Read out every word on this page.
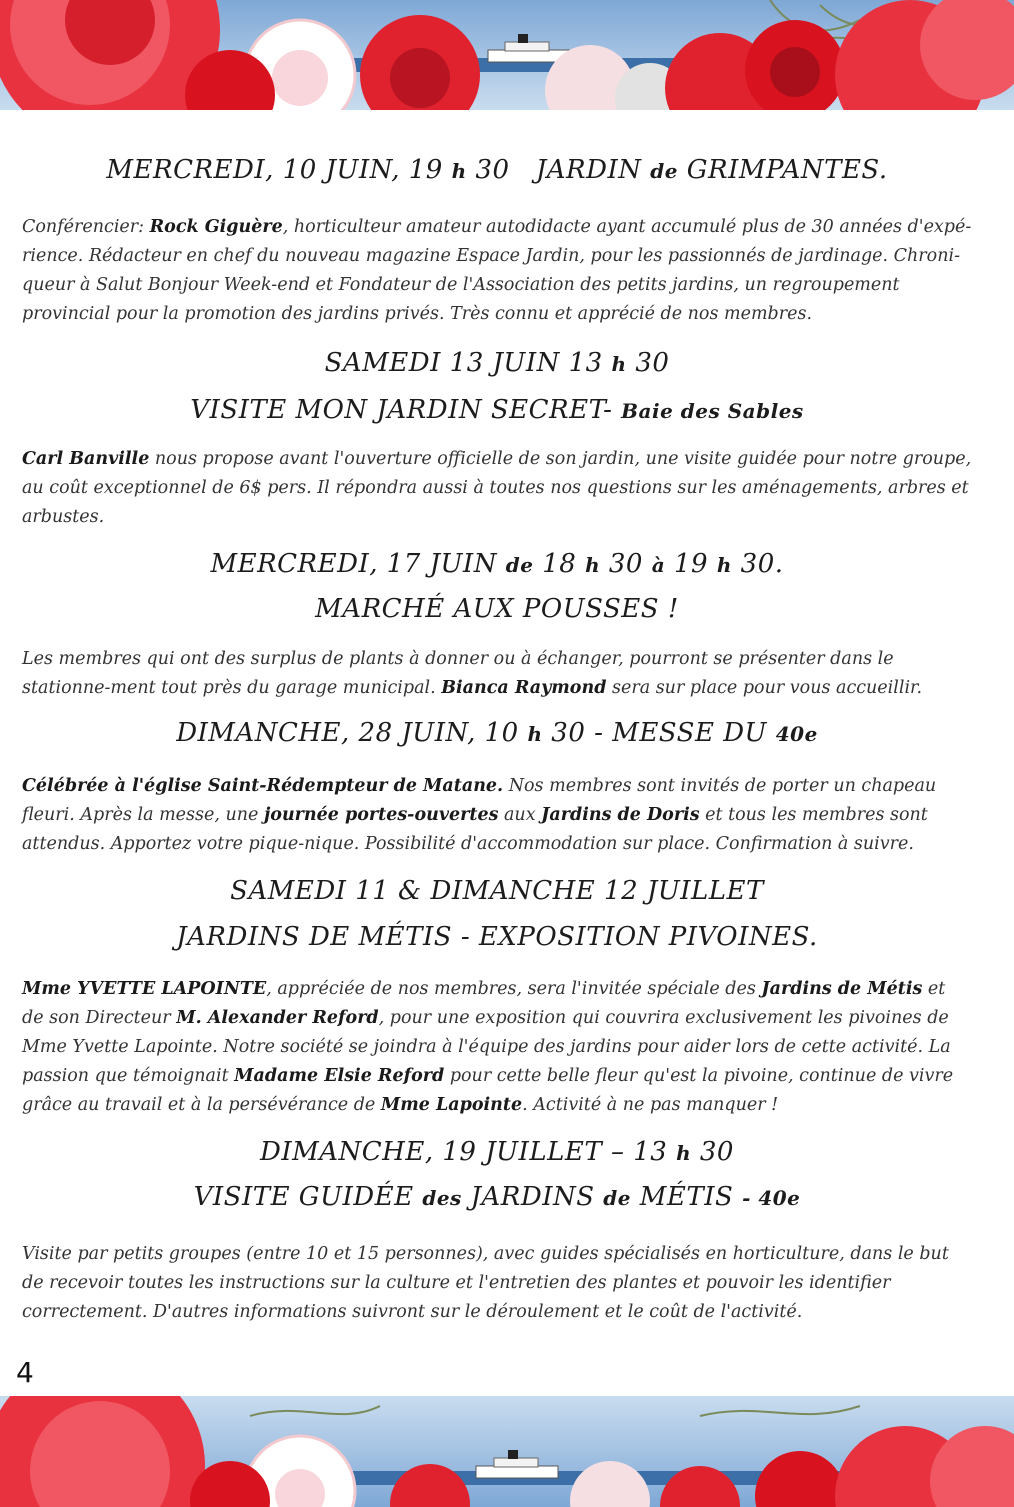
MERCREDI, 10 JUIN, 19 h 30 JARDIN de GRIMPANTES.

Conférencier: Rock Giguère, horticulteur amateur autodidacte ayant accumulé plus de 30 années d'expé-rience. Rédacteur en chef du nouveau magazine Espace Jardin, pour les passionnés de jardinage. Chroni-queur à Salut Bonjour Week-end et Fondateur de l'Association des petits jardins, un regroupement provincial pour la promotion des jardins privés. Très connu et apprécié de nos membres.

SAMEDI 13 JUIN 13 h 30

VISITE MON JARDIN SECRET- Baie des Sables

Carl Banville nous propose avant l'ouverture officielle de son jardin, une visite guidée pour notre groupe, au coût exceptionnel de 6$ pers. Il répondra aussi à toutes nos questions sur les aménagements, arbres et arbustes.

MERCREDI, 17 JUIN de 18 h 30 à 19 h 30.

MARCHÉ AUX POUSSES !

Les membres qui ont des surplus de plants à donner ou à échanger, pourront se présenter dans le stationne-ment tout près du garage municipal. Bianca Raymond sera sur place pour vous accueillir.

DIMANCHE, 28 JUIN, 10 h 30 - MESSE DU 40e

Célébrée à l'église Saint-Rédempteur de Matane. Nos membres sont invités de porter un chapeau fleuri. Après la messe, une journée portes-ouvertes aux Jardins de Doris et tous les membres sont attendus. Apportez votre pique-nique. Possibilité d'accommodation sur place. Confirmation à suivre.

SAMEDI 11 & DIMANCHE 12 JUILLET

JARDINS DE MÉTIS - EXPOSITION PIVOINES.

Mme YVETTE LAPOINTE, appréciée de nos membres, sera l'invitée spéciale des Jardins de Métis et de son Directeur M. Alexander Reford, pour une exposition qui couvrira exclusivement les pivoines de Mme Yvette Lapointe. Notre société se joindra à l'équipe des jardins pour aider lors de cette activité. La passion que témoignait Madame Elsie Reford pour cette belle fleur qu'est la pivoine, continue de vivre grâce au travail et à la persévérance de Mme Lapointe. Activité à ne pas manquer !

DIMANCHE, 19 JUILLET – 13 h 30

VISITE GUIDÉE des JARDINS de MÉTIS - 40e

Visite par petits groupes (entre 10 et 15 personnes), avec guides spécialisés en horticulture, dans le but de recevoir toutes les instructions sur la culture et l'entretien des plantes et pouvoir les identifier correctement. D'autres informations suivront sur le déroulement et le coût de l'activité.

4
